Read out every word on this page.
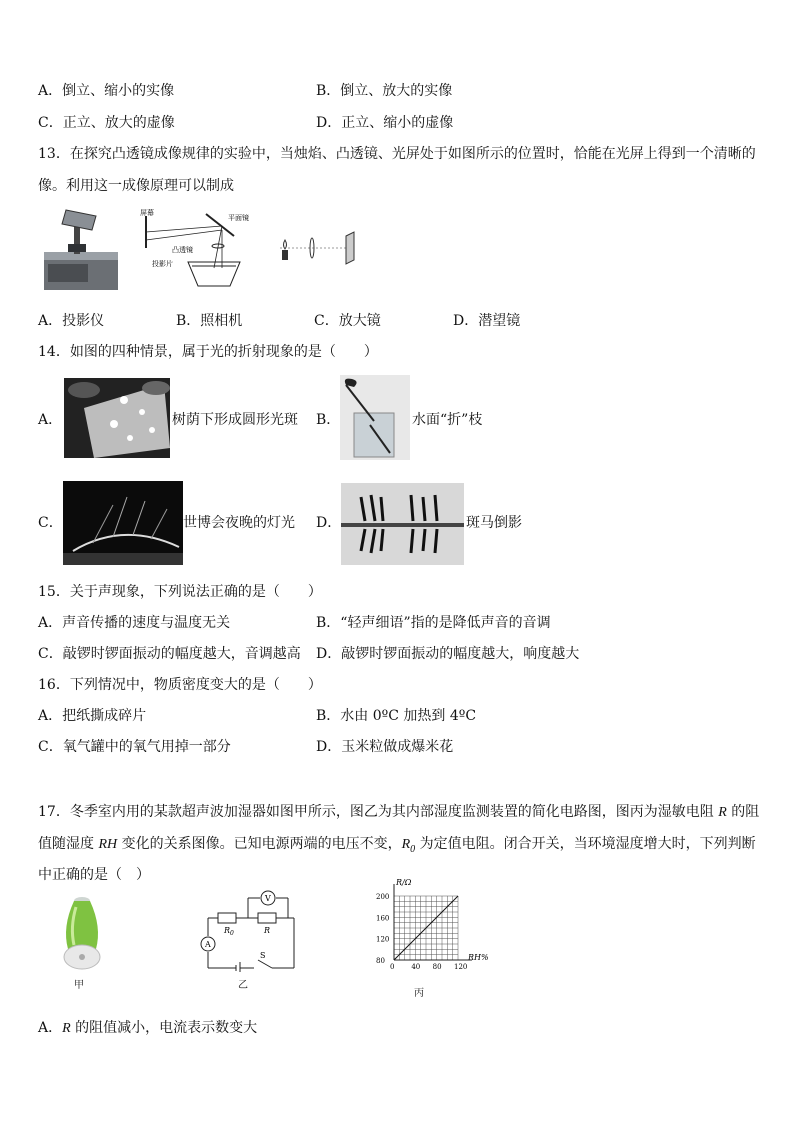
A．倒立、缩小的实像	B．倒立、放大的实像
C．正立、放大的虚像	D．正立、缩小的虚像
13．在探究凸透镜成像规律的实验中，当烛焰、凸透镜、光屏处于如图所示的位置时，恰能在光屏上得到一个清晰的
像。利用这一成像原理可以制成
屏幕
平面镜
凸透镜
投影片
A．投影仪	B．照相机	C．放大镜	D．潜望镜
14．如图的四种情景，属于光的折射现象的是（　　）
A．	树荫下形成圆形光斑 B．	水面“折”枝
C．	世博会夜晚的灯光 D．	斑马倒影
15．关于声现象，下列说法正确的是（　　）
A．声音传播的速度与温度无关	B．“轻声细语”指的是降低声音的音调
C．敲锣时锣面振动的幅度越大，音调越高 D．敲锣时锣面振动的幅度越大，响度越大
16．下列情况中，物质密度变大的是（　　）
A．把纸撕成碎片	B．水由 0ºC 加热到 4ºC
C．氧气罐中的氧气用掉一部分	D．玉米粒做成爆米花
17．冬季室内用的某款超声波加湿器如图甲所示，图乙为其内部湿度监测装置的简化电路图，图丙为湿敏电阻 R 的阻
值随湿度 RH 变化的关系图像。已知电源两端的电压不变，$R_0$ 为定值电阻。闭合开关，当环境湿度增大时，下列判断
中正确的是（　）
甲
V
A
$R_0$	R
S
乙
0 40 80 120
80
120
160
200
R/Ω
RH%
丙
A．R 的阻值减小，电流表示数变大
